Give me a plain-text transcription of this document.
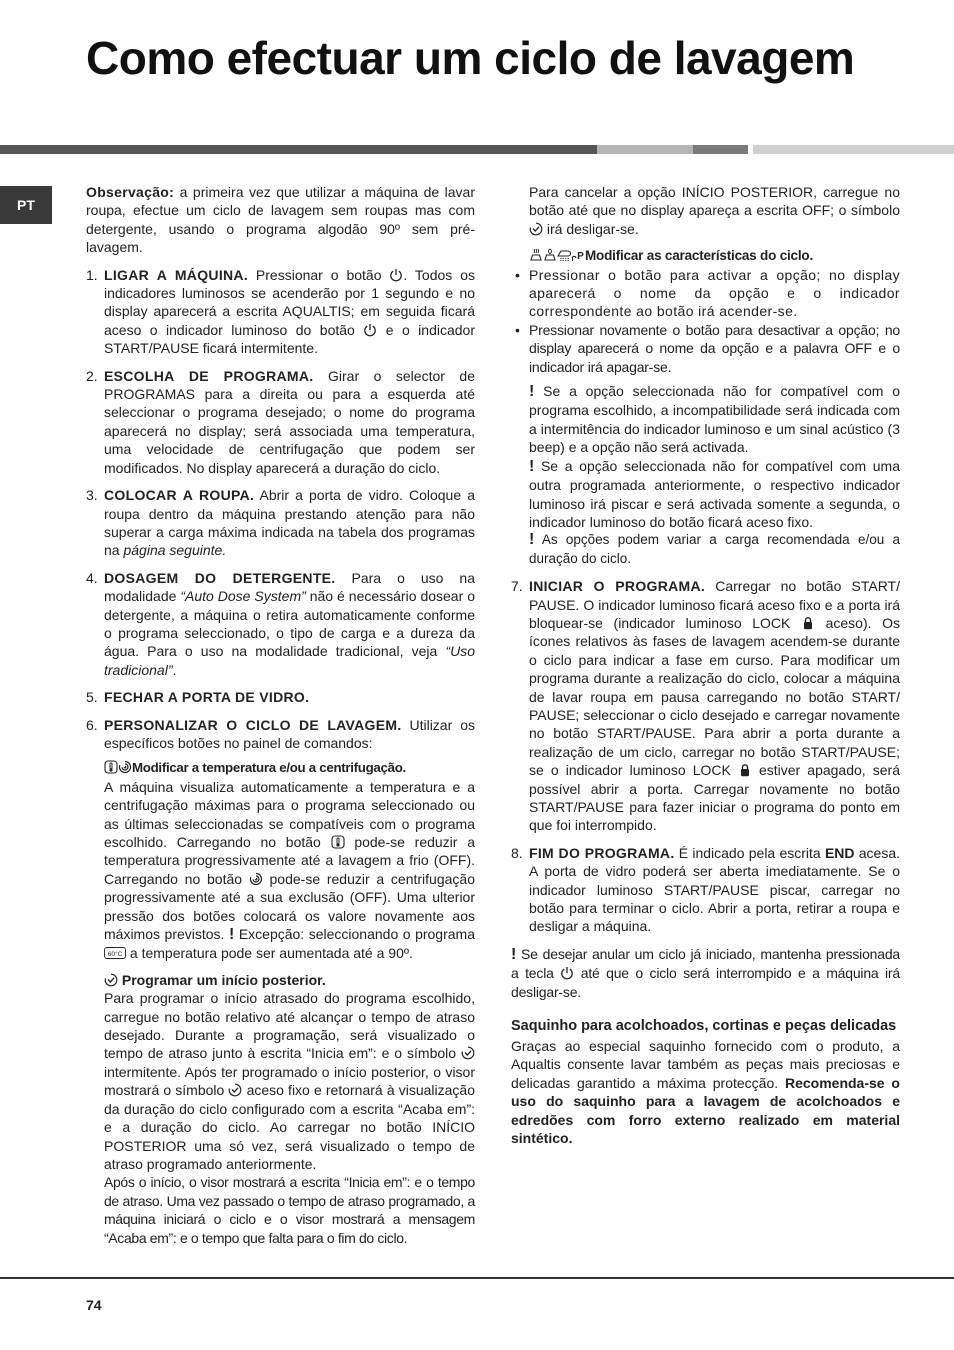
Como efectuar um ciclo de lavagem
PT

Observação: a primeira vez que utilizar a máquina de lavar roupa, efectue um ciclo de lavagem sem roupas mas com detergente, usando o programa algodão 90º sem pré-lavagem.

1. LIGAR A MÁQUINA. Pressionar o botão . Todos os indicadores luminosos se acenderão por 1 segundo e no display aparecerá a escrita AQUALTIS; em seguida ficará aceso o indicador luminoso do botão  e o indicador START/PAUSE ficará intermitente.
2. ESCOLHA DE PROGRAMA. Girar o selector de PROGRAMAS para a direita ou para a esquerda até seleccionar o programa desejado; o nome do programa aparecerá no display; será associada uma temperatura, uma velocidade de centrifugação que podem ser modificados. No display aparecerá a duração do ciclo.
3. COLOCAR A ROUPA. Abrir a porta de vidro. Coloque a roupa dentro da máquina prestando atenção para não superar a carga máxima indicada na tabela dos programas na página seguinte.
4. DOSAGEM DO DETERGENTE. Para o uso na modalidade “Auto Dose System” não é necessário dosear o detergente, a máquina o retira automaticamente conforme o programa seleccionado, o tipo de carga e a dureza da água. Para o uso na modalidade tradicional, veja “Uso tradicional”.
5. FECHAR A PORTA DE VIDRO.
6. PERSONALIZAR O CICLO DE LAVAGEM. Utilizar os específicos botões no painel de comandos:

Modificar a temperatura e/ou a centrifugação.

A máquina visualiza automaticamente a temperatura e a centrifugação máximas para o programa seleccionado ou as últimas seleccionadas se compatíveis com o programa escolhido. Carregando no botão  pode-se reduzir a temperatura progressivamente até a lavagem a frio (OFF). Carregando no botão  pode-se reduzir a centrifugação progressivamente até a sua exclusão (OFF). Uma ulterior pressão dos botões colocará os valore novamente aos máximos previstos. ! Excepção: seleccionando o programa  a temperatura pode ser aumentada até a 90º.

Programar um início posterior.

Para programar o início atrasado do programa escolhido, carregue no botão relativo até alcançar o tempo de atraso desejado. Durante a programação, será visualizado o tempo de atraso junto à escrita “Inicia em”: e o símbolo  intermitente. Após ter programado o início posterior, o visor mostrará o símbolo  aceso fixo e retornará à visualização da duração do ciclo configurado com a escrita “Acaba em”: e a duração do ciclo. Ao carregar no botão INÍCIO POSTERIOR uma só vez, será visualizado o tempo de atraso programado anteriormente.

Após o início, o visor mostrará a escrita “Inicia em”: e o tempo de atraso. Uma vez passado o tempo de atraso programado, a máquina iniciará o ciclo e o visor mostrará a mensagem “Acaba em”: e o tempo que falta para o fim do ciclo.

Para cancelar a opção INÍCIO POSTERIOR, carregue no botão até que no display apareça a escrita OFF; o símbolo  irá desligar-se.

Modificar as características do ciclo.

• Pressionar o botão para activar a opção; no display aparecerá o nome da opção e o indicador correspondente ao botão irá acender-se.
• Pressionar novamente o botão para desactivar a opção; no display aparecerá o nome da opção e a palavra OFF e o indicador irá apagar-se.

! Se a opção seleccionada não for compatível com o programa escolhido, a incompatibilidade será indicada com a intermitência do indicador luminoso e um sinal acústico (3 beep) e a opção não será activada.

! Se a opção seleccionada não for compatível com uma outra programada anteriormente, o respectivo indicador luminoso irá piscar e será activada somente a segunda, o indicador luminoso do botão ficará aceso fixo.

! As opções podem variar a carga recomendada e/ou a duração do ciclo.

7. INICIAR O PROGRAMA. Carregar no botão START/ PAUSE. O indicador luminoso ficará aceso fixo e a porta irá bloquear-se (indicador luminoso LOCK  aceso). Os ícones relativos às fases de lavagem acendem-se durante o ciclo para indicar a fase em curso. Para modificar um programa durante a realização do ciclo, colocar a máquina de lavar roupa em pausa carregando no botão START/ PAUSE; seleccionar o ciclo desejado e carregar novamente no botão START/PAUSE. Para abrir a porta durante a realização de um ciclo, carregar no botão START/PAUSE; se o indicador luminoso LOCK  estiver apagado, será possível abrir a porta. Carregar novamente no botão START/PAUSE para fazer iniciar o programa do ponto em que foi interrompido.
8. FIM DO PROGRAMA. É indicado pela escrita END acesa. A porta de vidro poderá ser aberta imediatamente. Se o indicador luminoso START/PAUSE piscar, carregar no botão para terminar o ciclo. Abrir a porta, retirar a roupa e desligar a máquina.

! Se desejar anular um ciclo já iniciado, mantenha pressionada a tecla  até que o ciclo será interrompido e a máquina irá desligar-se.

Saquinho para acolchoados, cortinas e peças delicadas

Graças ao especial saquinho fornecido com o produto, a Aqualtis consente lavar também as peças mais preciosas e delicadas garantido a máxima protecção. Recomenda-se o uso do saquinho para a lavagem de acolchoados e edredões com forro externo realizado em material sintético.

74
